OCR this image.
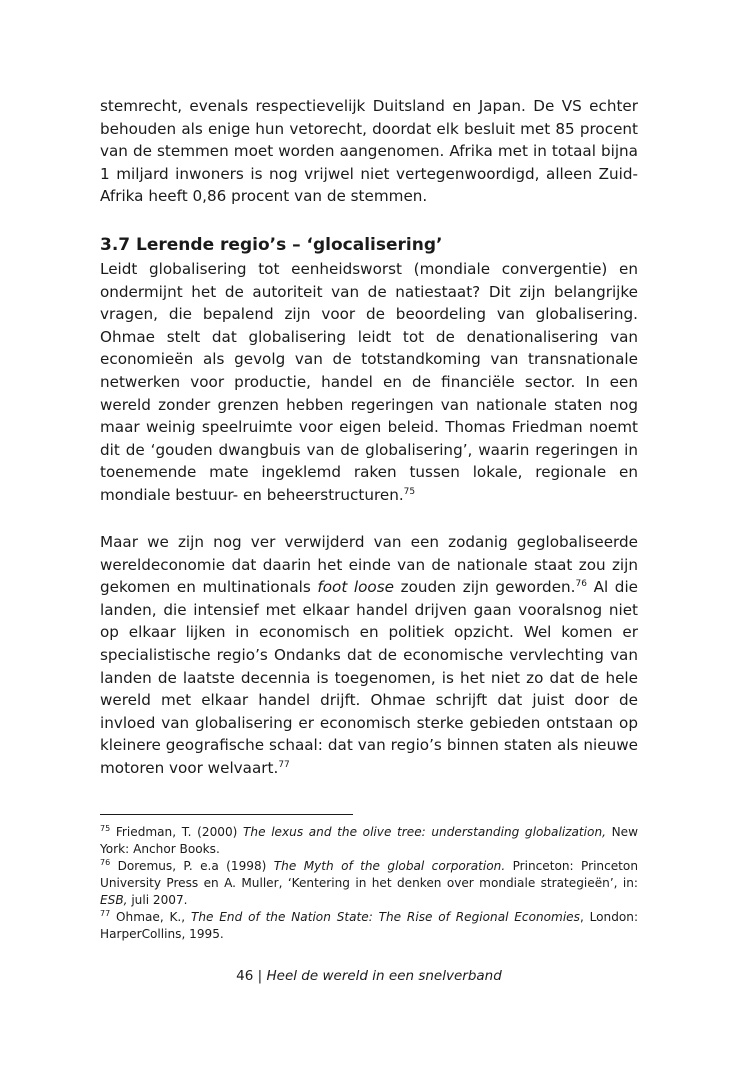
stemrecht, evenals respectievelijk Duitsland en Japan. De VS echter behouden als enige hun vetorecht, doordat elk besluit met 85 procent van de stemmen moet worden aangenomen. Afrika met in totaal bijna 1 miljard inwoners is nog vrijwel niet vertegenwoordigd, alleen Zuid-Afrika heeft 0,86 procent van de stemmen.

3.7 Lerende regio’s – ‘glocalisering’

Leidt globalisering tot eenheidsworst (mondiale convergentie) en ondermijnt het de autoriteit van de natiestaat? Dit zijn belangrijke vragen, die bepalend zijn voor de beoordeling van globalisering. Ohmae stelt dat globalisering leidt tot de denationalisering van economieën als gevolg van de totstandkoming van transnationale netwerken voor productie, handel en de financiële sector. In een wereld zonder grenzen hebben regeringen van nationale staten nog maar weinig speelruimte voor eigen beleid. Thomas Friedman noemt dit de ‘gouden dwangbuis van de globalisering’, waarin regeringen in toenemende mate ingeklemd raken tussen lokale, regionale en mondiale bestuur- en beheerstructuren.$^{75}$

Maar we zijn nog ver verwijderd van een zodanig geglobaliseerde wereldeconomie dat daarin het einde van de nationale staat zou zijn gekomen en multinationals foot loose zouden zijn geworden.$^{76}$ Al die landen, die intensief met elkaar handel drijven gaan vooralsnog niet op elkaar lijken in economisch en politiek opzicht. Wel komen er specialistische regio’s Ondanks dat de economische vervlechting van landen de laatste decennia is toegenomen, is het niet zo dat de hele wereld met elkaar handel drijft. Ohmae schrijft dat juist door de invloed van globalisering er economisch sterke gebieden ontstaan op kleinere geografische schaal: dat van regio’s binnen staten als nieuwe motoren voor welvaart.$^{77}$

$^{75}$ Friedman, T. (2000) The lexus and the olive tree: understanding globalization, New York: Anchor Books.

$^{76}$ Doremus, P. e.a (1998) The Myth of the global corporation. Princeton: Princeton University Press en A. Muller, ‘Kentering in het denken over mondiale strategieën’, in: ESB, juli 2007.

$^{77}$ Ohmae, K., The End of the Nation State: The Rise of Regional Economies, London: HarperCollins, 1995.

46 | Heel de wereld in een snelverband
